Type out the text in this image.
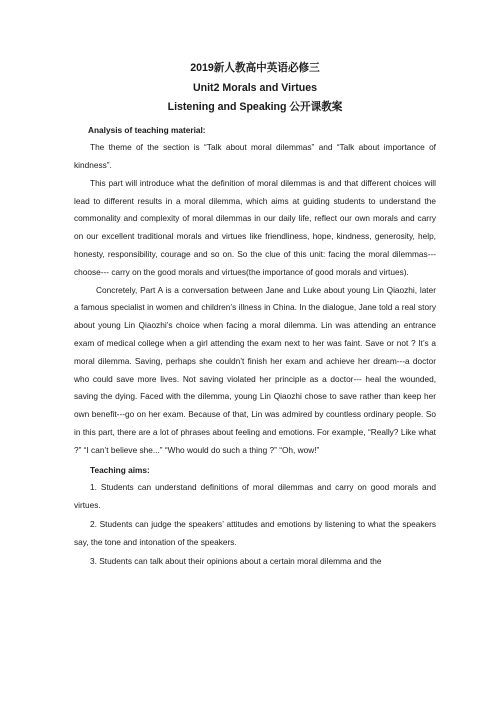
2019新人教高中英语必修三
Unit2 Morals and Virtues
Listening and Speaking 公开课教案
Analysis of teaching material:

The theme of the section is “Talk about moral dilemmas” and “Talk about importance of kindness”.

This part will introduce what the definition of moral dilemmas is and that different choices will lead to different results in a moral dilemma, which aims at guiding students to understand the commonality and complexity of moral dilemmas in our daily life, reflect our own morals and carry on our excellent traditional morals and virtues like friendliness, hope, kindness, generosity, help, honesty, responsibility, courage and so on. So the clue of this unit: facing the moral dilemmas--- choose--- carry on the good morals and virtues(the importance of good morals and virtues).

Concretely, Part A is a conversation between Jane and Luke about young Lin Qiaozhi, later a famous specialist in women and children’s illness in China. In the dialogue, Jane told a real story about young Lin Qiaozhi’s choice when facing a moral dilemma. Lin was attending an entrance exam of medical college when a girl attending the exam next to her was faint. Save or not ? It’s a moral dilemma. Saving, perhaps she couldn’t finish her exam and achieve her dream---a doctor who could save more lives. Not saving violated her principle as a doctor--- heal the wounded, saving the dying. Faced with the dilemma, young Lin Qiaozhi chose to save rather than keep her own benefit---go on her exam. Because of that, Lin was admired by countless ordinary people. So in this part, there are a lot of phrases about feeling and emotions. For example, “Really? Like what ?” “I can’t believe she...” “Who would do such a thing ?” “Oh, wow!”

Teaching aims:
1. Students can understand definitions of moral dilemmas and carry on good morals and virtues.
2. Students can judge the speakers’ attitudes and emotions by listening to what the speakers say, the tone and intonation of the speakers.
3. Students can talk about their opinions about a certain moral dilemma and the
